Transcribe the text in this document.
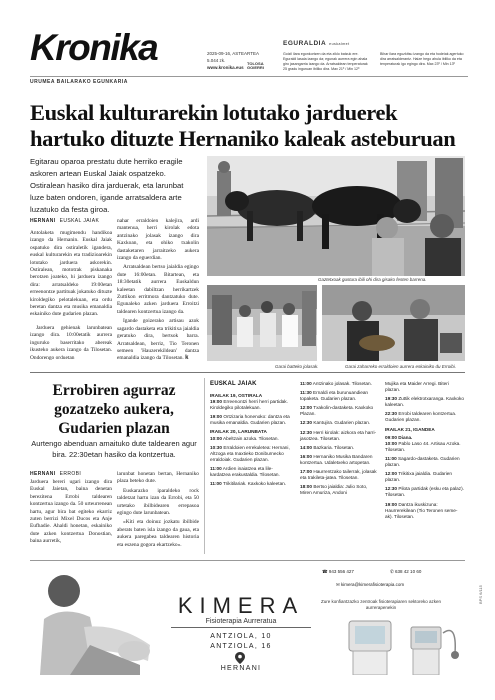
Kronika	2025-09-16, ASTEARTEA
5.044 zk.
www.kronika.eus
TOLOSA GOIERRI
EGURALDIA euskalmet
Goizil ilara egonkortzen da eta ziklo batzuk ere. Eguraldi lasaia izango da; egunak aurrera egin ahala giro jasangarria izango da. Arratsaldean tenperaturak 25 gradu inguruan ibiliko dira. Max 21º / Min 12º
Bihar ilara eguzkitsu izango da eta hodeiak agertuko dira arratsalderantz. Haize hego ahula ibiliko da eta tenperaturak igo egingo dira. Max 23º / Min 13º
URUMEA BAILARAKO EGUNKARIA
Euskal kulturarekin lotutako jarduerek hartuko dituzte Hernaniko kaleak asteburuan

Egitarau oparoa prestatu dute herriko eragile askoren artean Euskal Jaiak ospatzeko. Ostiralean hasiko dira jarduerak, eta larunbat luze baten ondoren, igande arratsaldera arte luzatuko da festa giroa.

HERNANI EUSKAL JAIAK

Antolaketa mugimendu handikoa izango da Hernanin. Euskal Jaiak ospatuko dira ostiraletik igandera, euskal kulturarekin eta tradizioarekin lotutako jarduera askorekin. Ostiralean, mototrak piskanaka berotzen joateko, hi jarduera izango dira: arratsaldeko 19:00etan erreenontze partituak jokatuko dituzte kiroldegiko pelotalekuan, eta ordu beretan dantza eta musika emanaldia eskainiko dute gudarien plazan.

Jarduera gehienak larunbatean izango dira. 10:00etatik aurrera inguruko baserritako abereak ikusteko aukera izango da Tilosetan. Ondorengo orduetan

nahar erraldoien kalejira, ardi mantenua, herri kirolak edota antzinako jolasak izango dira Kaxkoan, eta ohiko txakolin dastaketaren jarraitzeko aukera izango da eguerdian.

Arratsaldean bertso jaialdia egingo dute 16:00etan. Bitartean, eta 18:30etatik aurrera Euskaldun kaleetan dabiltzan herrikartzek Zuttikon erritmora dantzatuko dute. Egunaleko azken jarduera Erroitzi taldearen kontzertua izango da.

Igande goizerako artisau azok sagardo dastaketa eta trikitixa jaialdia geratuko dira, bertsok barra. Arratsaldean, berriz, Tio Teronen semeen 'Hauzerekildean' dantza emanaldia izango da Tilosetan. k

Gaztetxoak gustura ibili ohi dira gisako festen barrena.
Garai batteko jolasak.	Garai zaharreko erraldoien aurrera eskainiko du Erroibi.
Errobiren agurraz gozatzeko aukera, Gudarien plazan

Aurtengo abenduan amaituko dute taldearen agur bira. 22:30etan hasiko da kontzertua.

HERNANI ERROBI

Jarduera bereri ugari izango dira Euskal Jaietan, baina denetan berezitena Errobi taldearen kontzertua izango da. 50 urteurrenean hartu, agur bira bat egiteko ekarriz zuten berrizi Mixel Ducos eta Anje Eufhadie. Ahaldi honetan, eskainiko dute azken kontzertua Donostian, baina aurretik,

larunbat honetan bertan, Hernaniko plaza beteko dute.

Euskarazko iparaldeko rock taldetzat hartu izan da Errobi, eta 50 urtetako ibilbidearen errepasoa egingo dute larunbatean.

«Kiti eta doinuz jozkatu ibilbide aberats baten isla izango da gaua, eta aukera paregabea taldearen historia eta eszena gogora ekartzeko».

EUSKAL JAIAK
IRAILAK 19, OSTIRALA
19:00 Erreenontzi herri herri partidak. Kiroldegiko pilotalekuan.
19:00 Ortzizaria honenoko: dantza eta musika emanaldia. Gudarien plazan.
IRAILAK 20, LARUNBATA
10:00 Abeltzain azoka. Tilosetan.
10:30 Erraldoien errekuletea: Hernani, Altzoga eta Inaxtieko Doniburnecko erraldoiak. Gudarien plazan.
11:00 Ardien inaiatzea eta lile-kardatzea erakustaldia. Tilosetan.
11:00 Trikitilariak. Kaxkoko kaleetan.
11:00 Antzinako jolasak. Tilosetan.
11:30 Ernaldi eta burunuandiean topaketa. Gudarien plazan.
12:00 Txakolin-dastaketa. Kaxkoko Plazan.
12:30 Kantujira. Gudarien plazan.
12:30 Herri kirolak: aizkora eta harri-jasotzea. Tilosetan.
14:00 Bazkaria. Tilosetan.
16:00 Hernaniko Musika Bandaren kontzertua. Udaletxeko artopetan.
17:00 Haurrentzako tailerrak, jolasak eta trakileta-jatea. Tilosetan.
18:00 Bertso jaialdia: Julio Soto, Miren Amuriza, Andoni
Mujika eta Maider Arregi. Biteri plazan.
19:30 Zuttik elektrotxaranga. Kaxkoko kaleetan.
22:30 Errobi taldearen kontzertua. Gudarien plazan.
IRAILAK 21, IGANDEA
09:00 Diana.
10:00 Pablo Laso 44. Artisau Azoka. Tilosetan.
11:00 Sagardo-dastaketa. Gudarien plazan.
12:00 Trikitixa jaialdia. Gudarien plazan.
12:30 Pilota partidak (esku eta palaz). Tilosetan.
19:00 Dantza ikuskizuna: Haurrerekilean (Tio Teronen seme-ak). Tilosetan.
KIMERA
Fisioterapia Aurreratua
ANTZIOLA, 10
ANTZIOLA, 16
HERNANI
☎ 943 556 427	✆ 638 42 10 60
✉ kimera@kimerafisioterapia.com
Zure konfiantzazko zentroak fisioterapiaren sektoreko azken aurrerapenekin
BPS 6/115
